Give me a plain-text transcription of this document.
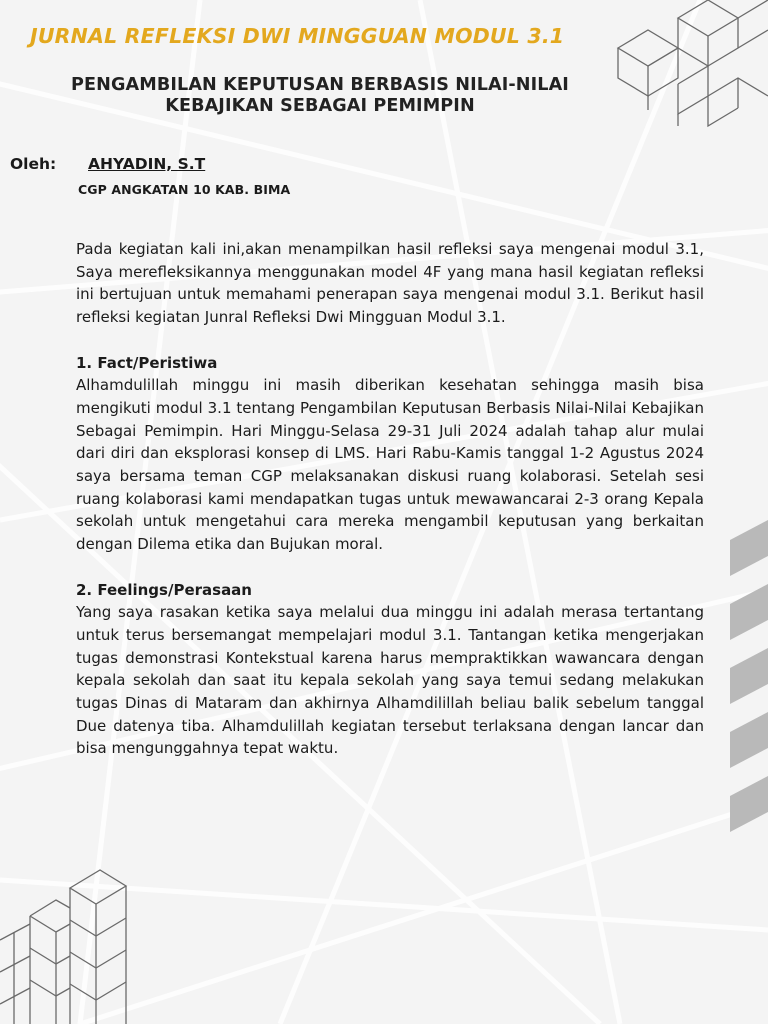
JURNAL REFLEKSI DWI MINGGUAN MODUL 3.1
PENGAMBILAN KEPUTUSAN BERBASIS NILAI-NILAI
KEBAJIKAN SEBAGAI PEMIMPIN
Oleh: AHYADIN, S.T
CGP ANGKATAN 10 KAB. BIMA

Pada kegiatan kali ini,akan menampilkan hasil refleksi saya mengenai modul 3.1, Saya merefleksikannya menggunakan model 4F yang mana hasil kegiatan refleksi ini bertujuan untuk memahami penerapan saya mengenai modul 3.1. Berikut hasil refleksi kegiatan Junral Refleksi Dwi Mingguan Modul 3.1.

1. Fact/Peristiwa

Alhamdulillah minggu ini masih diberikan kesehatan sehingga masih bisa mengikuti modul 3.1 tentang Pengambilan Keputusan Berbasis Nilai-Nilai Kebajikan Sebagai Pemimpin. Hari Minggu-Selasa 29-31 Juli 2024 adalah tahap alur mulai dari diri dan eksplorasi konsep di LMS. Hari Rabu-Kamis tanggal 1-2 Agustus 2024 saya bersama teman CGP melaksanakan diskusi ruang kolaborasi. Setelah sesi ruang kolaborasi kami mendapatkan tugas untuk mewawancarai 2-3 orang Kepala sekolah untuk mengetahui cara mereka mengambil keputusan yang berkaitan dengan Dilema etika dan Bujukan moral.

2. Feelings/Perasaan

Yang saya rasakan ketika saya melalui dua minggu ini adalah merasa tertantang untuk terus bersemangat mempelajari modul 3.1. Tantangan ketika mengerjakan tugas demonstrasi Kontekstual karena harus mempraktikkan wawancara dengan kepala sekolah dan saat itu kepala sekolah yang saya temui sedang melakukan tugas Dinas di Mataram dan akhirnya Alhamdilillah beliau balik sebelum tanggal Due datenya tiba. Alhamdulillah kegiatan tersebut terlaksana dengan lancar dan bisa mengunggahnya tepat waktu.
